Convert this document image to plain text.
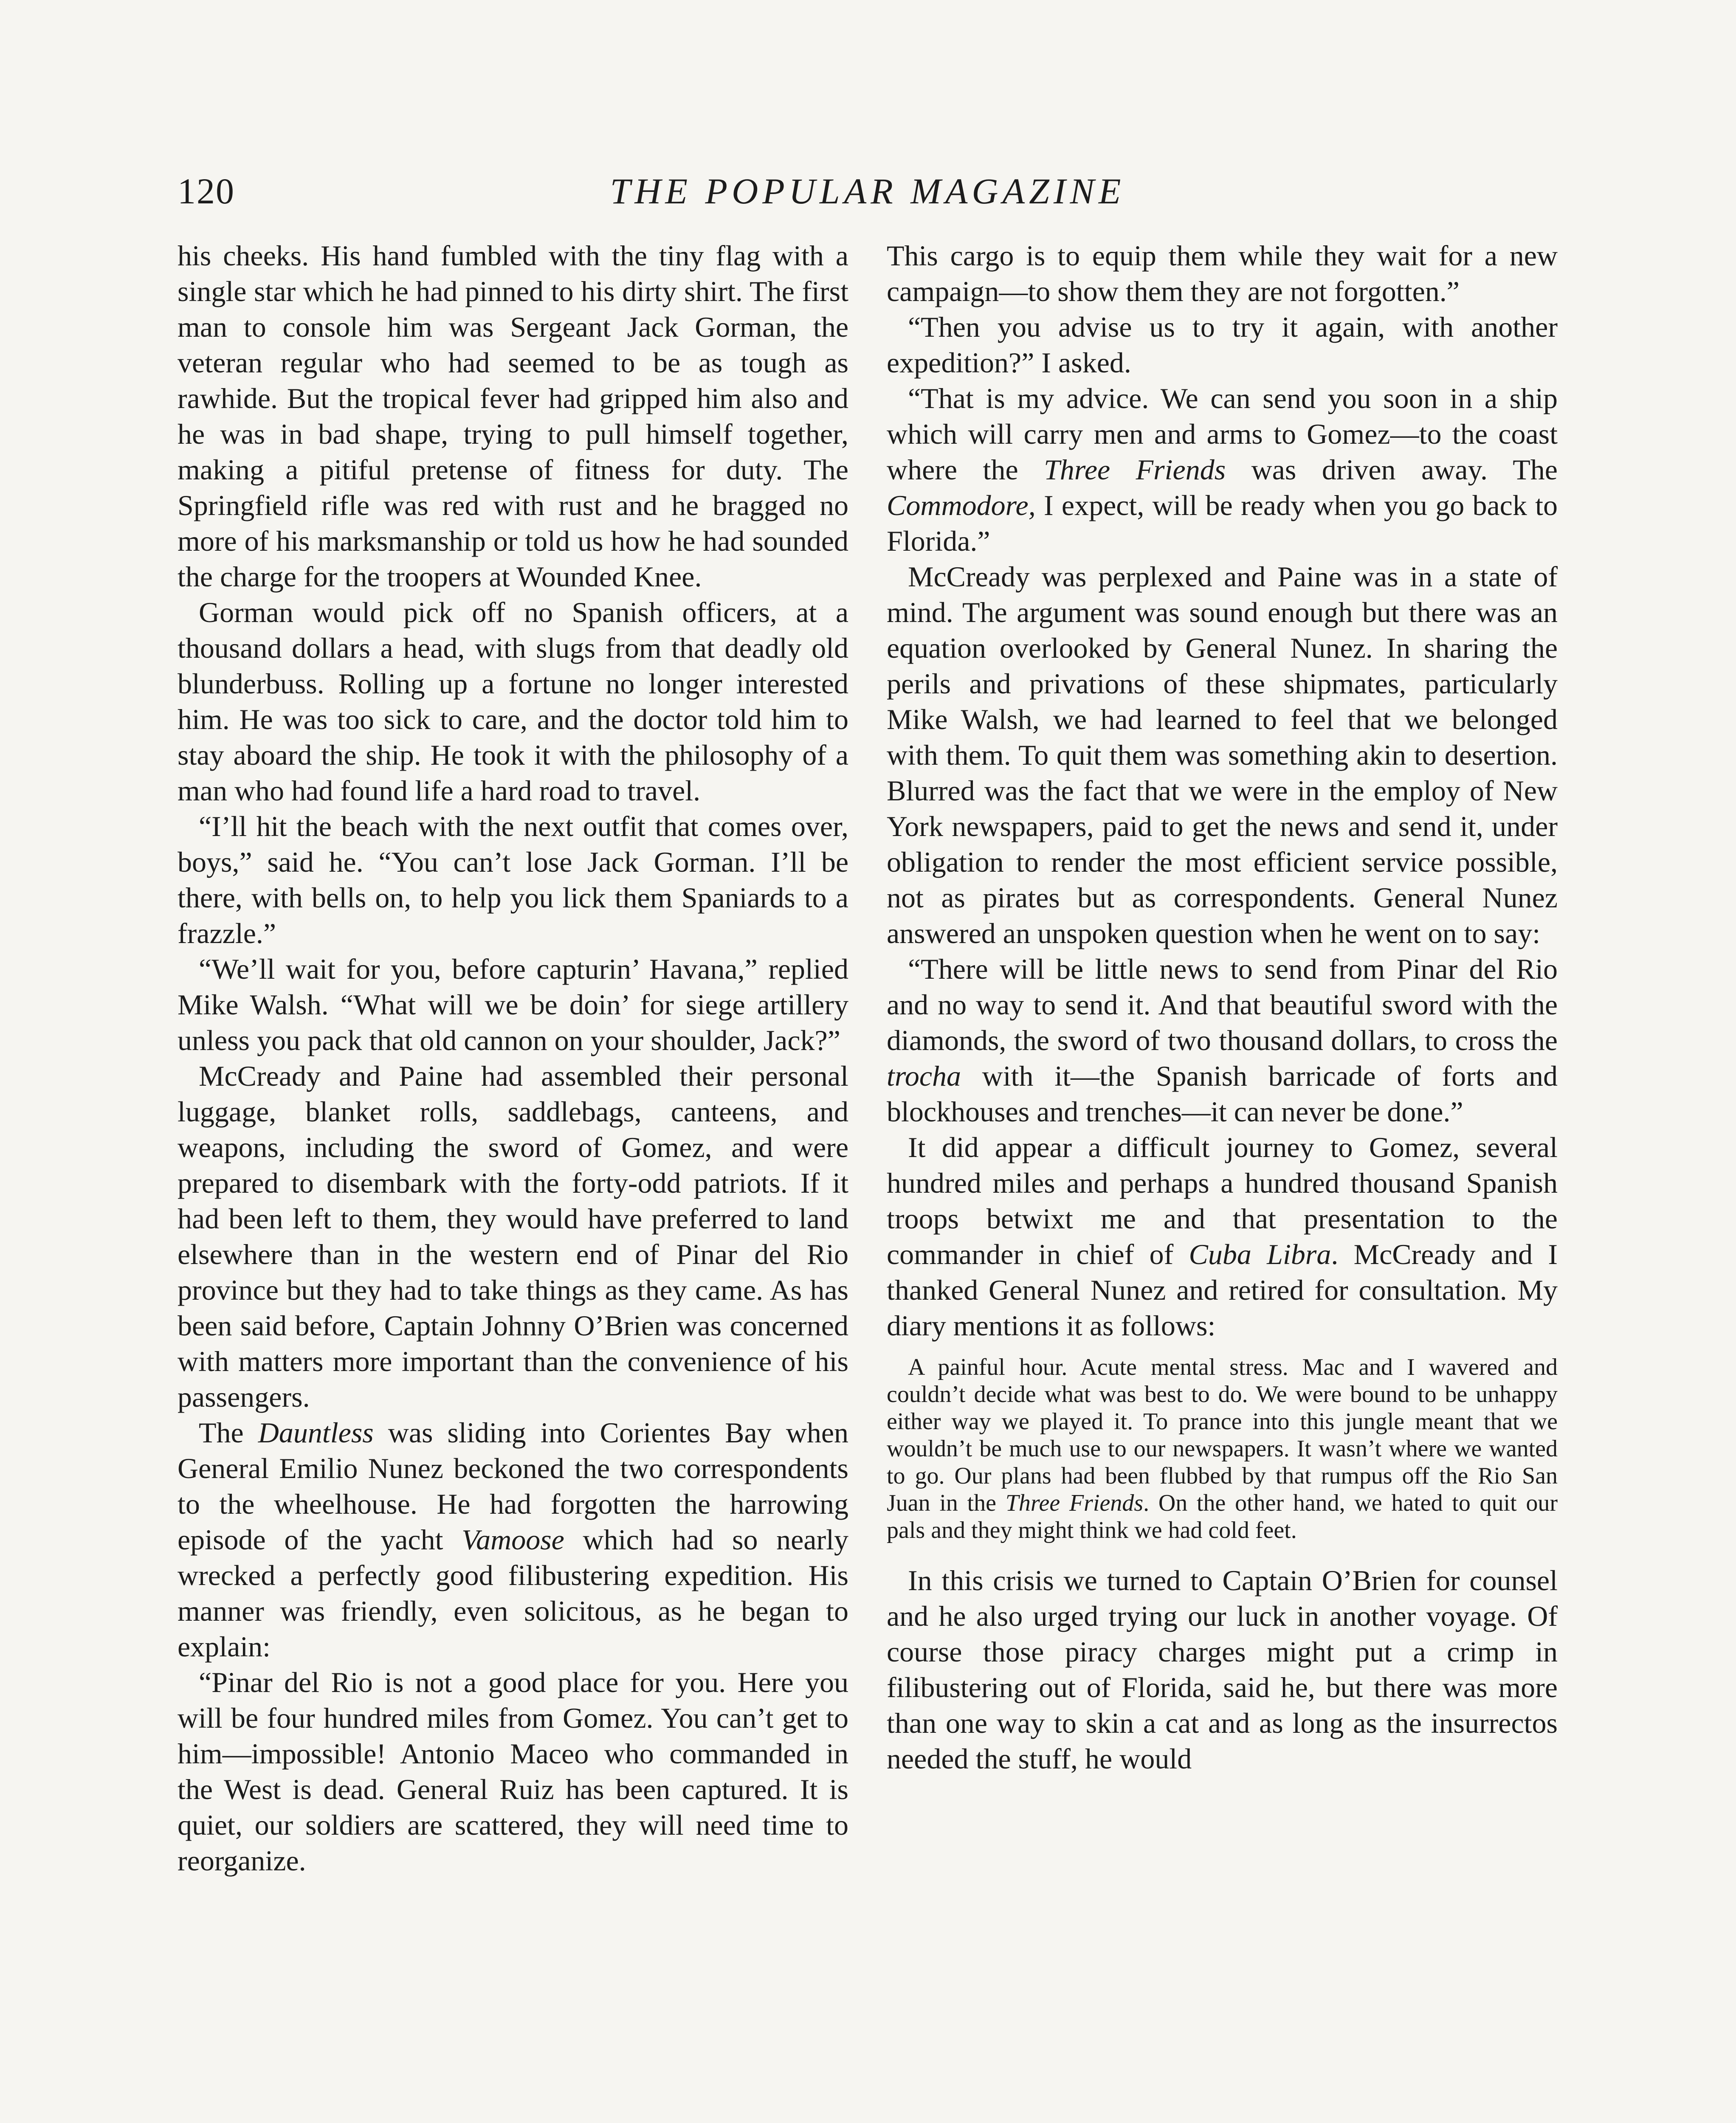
120	THE POPULAR MAGAZINE

his cheeks. His hand fumbled with the tiny flag with a single star which he had pinned to his dirty shirt. The first man to console him was Sergeant Jack Gorman, the veteran regular who had seemed to be as tough as rawhide. But the tropical fever had gripped him also and he was in bad shape, trying to pull himself together, making a pitiful pretense of fitness for duty. The Springfield rifle was red with rust and he bragged no more of his marksmanship or told us how he had sounded the charge for the troopers at Wounded Knee.

Gorman would pick off no Spanish officers, at a thousand dollars a head, with slugs from that deadly old blunderbuss. Rolling up a fortune no longer interested him. He was too sick to care, and the doctor told him to stay aboard the ship. He took it with the philosophy of a man who had found life a hard road to travel.

“I’ll hit the beach with the next outfit that comes over, boys,” said he. “You can’t lose Jack Gorman. I’ll be there, with bells on, to help you lick them Spaniards to a frazzle.”

“We’ll wait for you, before capturin’ Havana,” replied Mike Walsh. “What will we be doin’ for siege artillery unless you pack that old cannon on your shoulder, Jack?”

McCready and Paine had assembled their personal luggage, blanket rolls, saddlebags, canteens, and weapons, including the sword of Gomez, and were prepared to disembark with the forty-odd patriots. If it had been left to them, they would have preferred to land elsewhere than in the western end of Pinar del Rio province but they had to take things as they came. As has been said before, Captain Johnny O’Brien was concerned with matters more important than the convenience of his passengers.

The Dauntless was sliding into Corientes Bay when General Emilio Nunez beckoned the two correspondents to the wheelhouse. He had forgotten the harrowing episode of the yacht Vamoose which had so nearly wrecked a perfectly good filibustering expedition. His manner was friendly, even solicitous, as he began to explain:

“Pinar del Rio is not a good place for you. Here you will be four hundred miles from Gomez. You can’t get to him—impossible! Antonio Maceo who commanded in the West is dead. General Ruiz has been captured. It is quiet, our soldiers are scattered, they will need time to reorganize.

This cargo is to equip them while they wait for a new campaign—to show them they are not forgotten.”

“Then you advise us to try it again, with another expedition?” I asked.

“That is my advice. We can send you soon in a ship which will carry men and arms to Gomez—to the coast where the Three Friends was driven away. The Commodore, I expect, will be ready when you go back to Florida.”

McCready was perplexed and Paine was in a state of mind. The argument was sound enough but there was an equation overlooked by General Nunez. In sharing the perils and privations of these shipmates, particularly Mike Walsh, we had learned to feel that we belonged with them. To quit them was something akin to desertion. Blurred was the fact that we were in the employ of New York newspapers, paid to get the news and send it, under obligation to render the most efficient service possible, not as pirates but as correspondents. General Nunez answered an unspoken question when he went on to say:

“There will be little news to send from Pinar del Rio and no way to send it. And that beautiful sword with the diamonds, the sword of two thousand dollars, to cross the trocha with it—the Spanish barricade of forts and blockhouses and trenches—it can never be done.”

It did appear a difficult journey to Gomez, several hundred miles and perhaps a hundred thousand Spanish troops betwixt me and that presentation to the commander in chief of Cuba Libra. McCready and I thanked General Nunez and retired for consultation. My diary mentions it as follows:

A painful hour. Acute mental stress. Mac and I wavered and couldn’t decide what was best to do. We were bound to be unhappy either way we played it. To prance into this jungle meant that we wouldn’t be much use to our newspapers. It wasn’t where we wanted to go. Our plans had been flubbed by that rumpus off the Rio San Juan in the Three Friends. On the other hand, we hated to quit our pals and they might think we had cold feet.

In this crisis we turned to Captain O’Brien for counsel and he also urged trying our luck in another voyage. Of course those piracy charges might put a crimp in filibustering out of Florida, said he, but there was more than one way to skin a cat and as long as the insurrectos needed the stuff, he would
